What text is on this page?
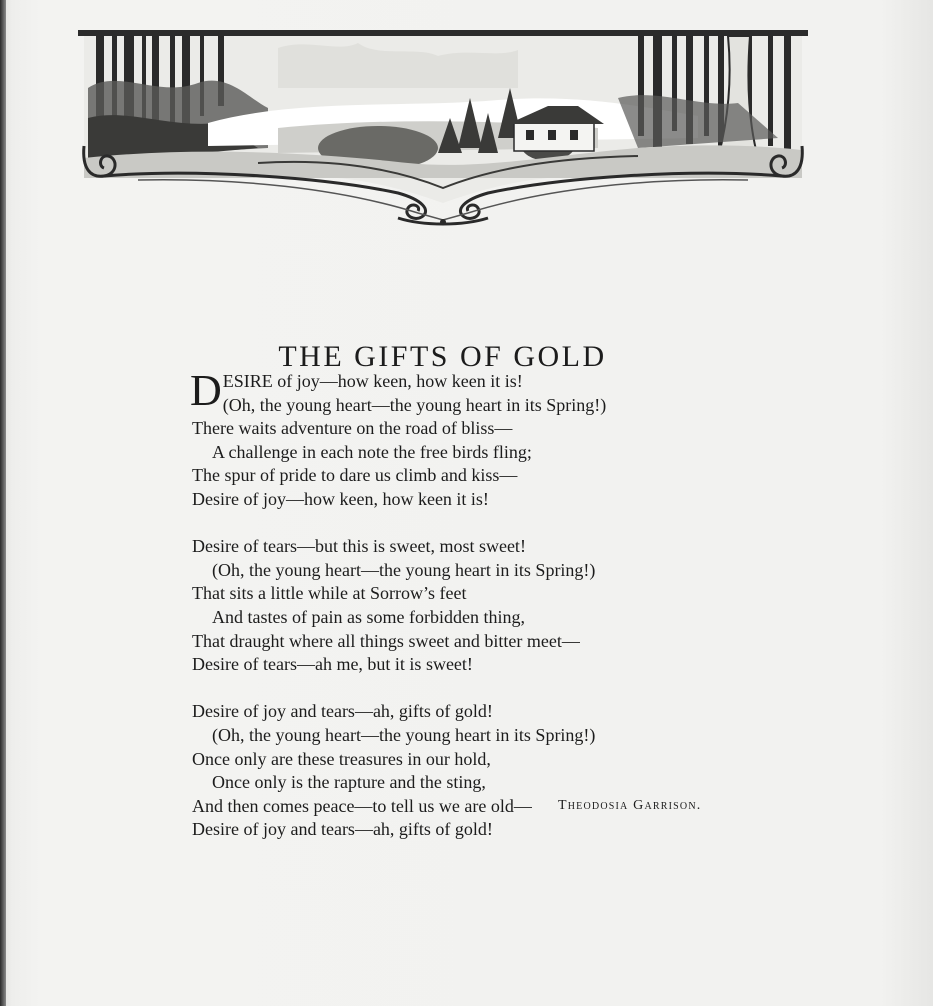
THE GIFTS OF GOLD
DESIRE of joy—how keen, how keen it is!
(Oh, the young heart—the young heart in its Spring!)
There waits adventure on the road of bliss—
A challenge in each note the free birds fling;
The spur of pride to dare us climb and kiss—
Desire of joy—how keen, how keen it is!
Desire of tears—but this is sweet, most sweet!
(Oh, the young heart—the young heart in its Spring!)
That sits a little while at Sorrow’s feet
And tastes of pain as some forbidden thing,
That draught where all things sweet and bitter meet—
Desire of tears—ah me, but it is sweet!
Desire of joy and tears—ah, gifts of gold!
(Oh, the young heart—the young heart in its Spring!)
Once only are these treasures in our hold,
Once only is the rapture and the sting,
And then comes peace—to tell us we are old—
Desire of joy and tears—ah, gifts of gold!
Theodosia Garrison.
